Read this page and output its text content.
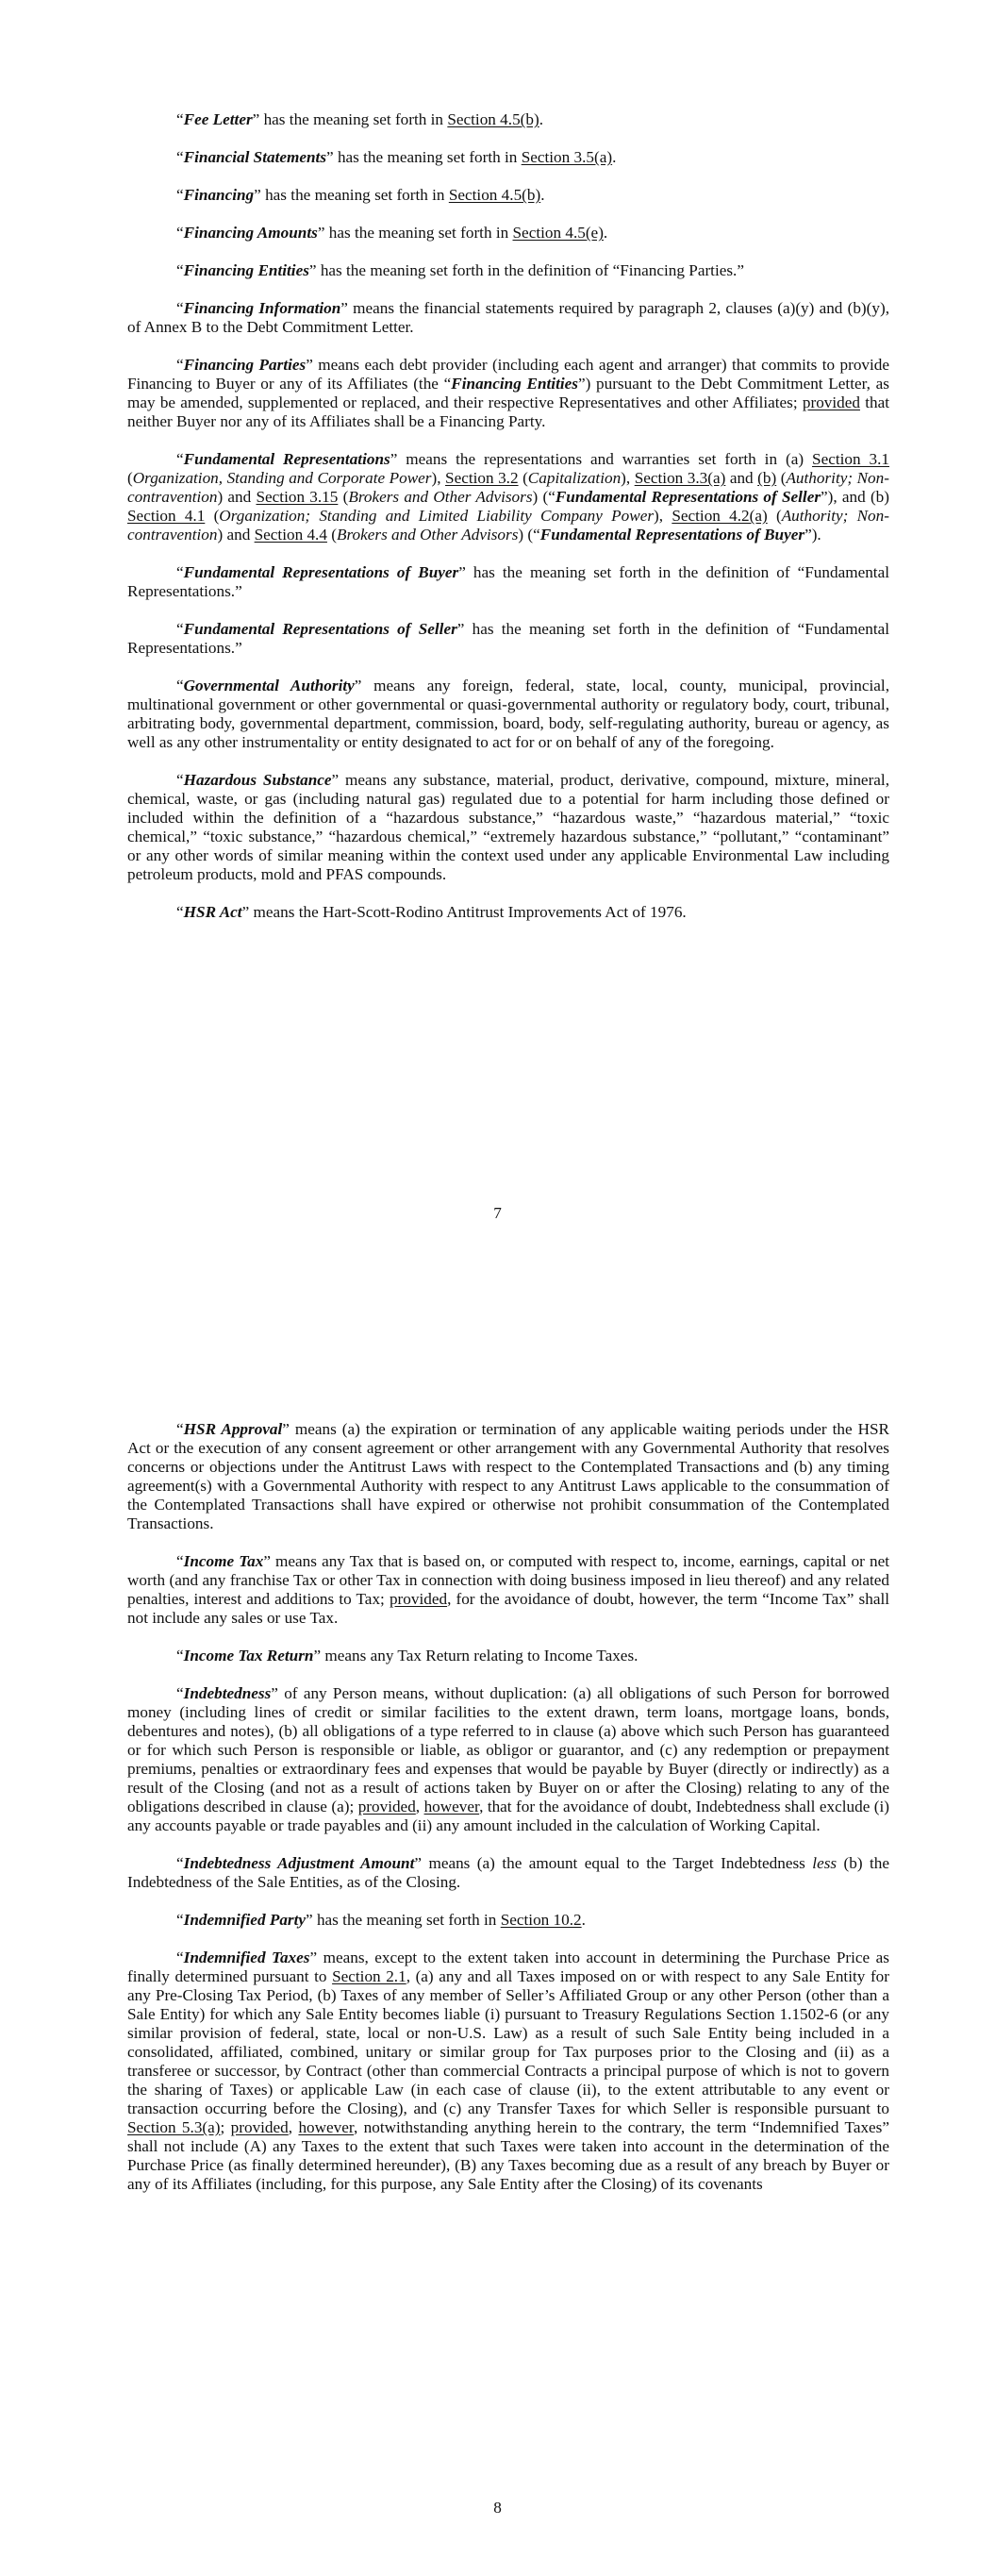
“Fee Letter” has the meaning set forth in Section 4.5(b).

“Financial Statements” has the meaning set forth in Section 3.5(a).

“Financing” has the meaning set forth in Section 4.5(b).

“Financing Amounts” has the meaning set forth in Section 4.5(e).

“Financing Entities” has the meaning set forth in the definition of “Financing Parties.”

“Financing Information” means the financial statements required by paragraph 2, clauses (a)(y) and (b)(y), of Annex B to the Debt Commitment Letter.

“Financing Parties” means each debt provider (including each agent and arranger) that commits to provide Financing to Buyer or any of its Affiliates (the “Financing Entities”) pursuant to the Debt Commitment Letter, as may be amended, supplemented or replaced, and their respective Representatives and other Affiliates; provided that neither Buyer nor any of its Affiliates shall be a Financing Party.

“Fundamental Representations” means the representations and warranties set forth in (a) Section 3.1 (Organization, Standing and Corporate Power), Section 3.2 (Capitalization), Section 3.3(a) and (b) (Authority; Non-contravention) and Section 3.15 (Brokers and Other Advisors) (“Fundamental Representations of Seller”), and (b) Section 4.1 (Organization; Standing and Limited Liability Company Power), Section 4.2(a) (Authority; Non-contravention) and Section 4.4 (Brokers and Other Advisors) (“Fundamental Representations of Buyer”).

“Fundamental Representations of Buyer” has the meaning set forth in the definition of “Fundamental Representations.”

“Fundamental Representations of Seller” has the meaning set forth in the definition of “Fundamental Representations.”

“Governmental Authority” means any foreign, federal, state, local, county, municipal, provincial, multinational government or other governmental or quasi-governmental authority or regulatory body, court, tribunal, arbitrating body, governmental department, commission, board, body, self-regulating authority, bureau or agency, as well as any other instrumentality or entity designated to act for or on behalf of any of the foregoing.

“Hazardous Substance” means any substance, material, product, derivative, compound, mixture, mineral, chemical, waste, or gas (including natural gas) regulated due to a potential for harm including those defined or included within the definition of a “hazardous substance,” “hazardous waste,” “hazardous material,” “toxic chemical,” “toxic substance,” “hazardous chemical,” “extremely hazardous substance,” “pollutant,” “contaminant” or any other words of similar meaning within the context used under any applicable Environmental Law including petroleum products, mold and PFAS compounds.

“HSR Act” means the Hart-Scott-Rodino Antitrust Improvements Act of 1976.

7

“HSR Approval” means (a) the expiration or termination of any applicable waiting periods under the HSR Act or the execution of any consent agreement or other arrangement with any Governmental Authority that resolves concerns or objections under the Antitrust Laws with respect to the Contemplated Transactions and (b) any timing agreement(s) with a Governmental Authority with respect to any Antitrust Laws applicable to the consummation of the Contemplated Transactions shall have expired or otherwise not prohibit consummation of the Contemplated Transactions.

“Income Tax” means any Tax that is based on, or computed with respect to, income, earnings, capital or net worth (and any franchise Tax or other Tax in connection with doing business imposed in lieu thereof) and any related penalties, interest and additions to Tax; provided, for the avoidance of doubt, however, the term “Income Tax” shall not include any sales or use Tax.

“Income Tax Return” means any Tax Return relating to Income Taxes.

“Indebtedness” of any Person means, without duplication: (a) all obligations of such Person for borrowed money (including lines of credit or similar facilities to the extent drawn, term loans, mortgage loans, bonds, debentures and notes), (b) all obligations of a type referred to in clause (a) above which such Person has guaranteed or for which such Person is responsible or liable, as obligor or guarantor, and (c) any redemption or prepayment premiums, penalties or extraordinary fees and expenses that would be payable by Buyer (directly or indirectly) as a result of the Closing (and not as a result of actions taken by Buyer on or after the Closing) relating to any of the obligations described in clause (a); provided, however, that for the avoidance of doubt, Indebtedness shall exclude (i) any accounts payable or trade payables and (ii) any amount included in the calculation of Working Capital.

“Indebtedness Adjustment Amount” means (a) the amount equal to the Target Indebtedness less (b) the Indebtedness of the Sale Entities, as of the Closing.

“Indemnified Party” has the meaning set forth in Section 10.2.

“Indemnified Taxes” means, except to the extent taken into account in determining the Purchase Price as finally determined pursuant to Section 2.1, (a) any and all Taxes imposed on or with respect to any Sale Entity for any Pre-Closing Tax Period, (b) Taxes of any member of Seller’s Affiliated Group or any other Person (other than a Sale Entity) for which any Sale Entity becomes liable (i) pursuant to Treasury Regulations Section 1.1502-6 (or any similar provision of federal, state, local or non-U.S. Law) as a result of such Sale Entity being included in a consolidated, affiliated, combined, unitary or similar group for Tax purposes prior to the Closing and (ii) as a transferee or successor, by Contract (other than commercial Contracts a principal purpose of which is not to govern the sharing of Taxes) or applicable Law (in each case of clause (ii), to the extent attributable to any event or transaction occurring before the Closing), and (c) any Transfer Taxes for which Seller is responsible pursuant to Section 5.3(a); provided, however, notwithstanding anything herein to the contrary, the term “Indemnified Taxes” shall not include (A) any Taxes to the extent that such Taxes were taken into account in the determination of the Purchase Price (as finally determined hereunder), (B) any Taxes becoming due as a result of any breach by Buyer or any of its Affiliates (including, for this purpose, any Sale Entity after the Closing) of its covenants

8
